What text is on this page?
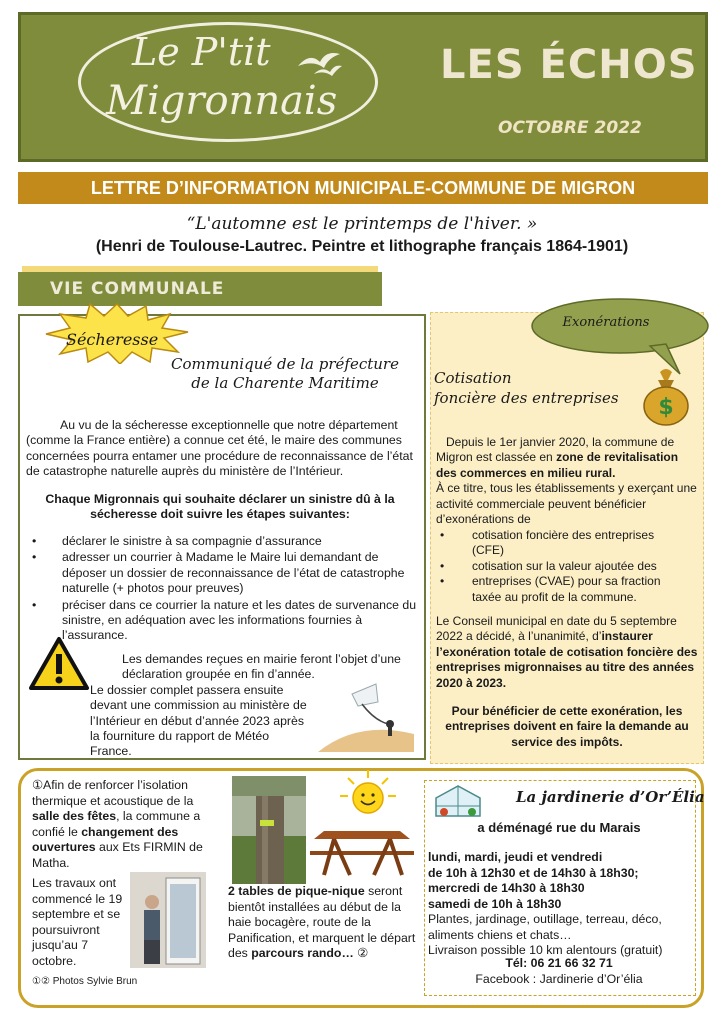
Le P'tit
Migronnais
LES ÉCHOS
OCTOBRE 2022
LETTRE D’INFORMATION MUNICIPALE-COMMUNE DE MIGRON
“L'automne est le printemps de l'hiver. »
(Henri de Toulouse-Lautrec. Peintre et lithographe français 1864-1901)
VIE COMMUNALE
Sécheresse
Communiqué de la préfecture
de la Charente Maritime
Au vu de la sécheresse exceptionnelle que notre département (comme la France entière) a connue cet été, le maire des communes concernées pourra entamer une procédure de reconnaissance de l’état de catastrophe naturelle auprès du ministère de l’Intérieur.
Chaque Migronnais qui souhaite déclarer un sinistre dû à la sécheresse doit suivre les étapes suivantes:
• déclarer le sinistre à sa compagnie d’assurance
• adresser un courrier à Madame le Maire lui demandant de déposer un dossier de reconnaissance de l’état de catastrophe naturelle (+ photos pour preuves)
• préciser dans ce courrier la nature et les dates de survenance du sinistre, en adéquation avec les informations fournies à l’assurance.
Les demandes reçues en mairie feront l’objet d’une déclaration groupée en fin d’année.
Le dossier complet passera ensuite devant une commission au ministère de l’Intérieur en début d’année 2023 après la fourniture du rapport de Météo France.
Exonérations
Cotisation
foncière des entreprises	$
Depuis le 1er janvier 2020, la commune de Migron est classée en zone de revitalisation des commerces en milieu rural.
À ce titre, tous les établissements y exerçant une activité commerciale peuvent bénéficier d’exonérations de
• cotisation foncière des entreprises
(CFE)
• cotisation sur la valeur ajoutée des
• entreprises (CVAE) pour sa fraction
taxée au profit de la commune.
Le Conseil municipal en date du 5 septembre 2022 a décidé, à l’unanimité, d’instaurer l’exonération totale de cotisation foncière des entreprises migronnaises au titre des années 2020 à 2023.
Pour bénéficier de cette exonération, les entreprises doivent en faire la demande au service des impôts.
①Afin de renforcer l’isolation thermique et acoustique de la salle des fêtes, la commune a confié le changement des ouvertures aux Ets FIRMIN de Matha.
Les travaux ont commencé le 19 septembre et se poursuivront jusqu’au 7 octobre.
①② Photos Sylvie Brun
2 tables de pique-nique seront bientôt installées au début de la haie bocagère, route de la Panification, et marquent le départ des parcours rando… ②
La jardinerie d’Or’Élia
a déménagé rue du Marais
lundi, mardi, jeudi et vendredi
de 10h à 12h30 et de 14h30 à 18h30;
mercredi de 14h30 à 18h30
samedi de 10h à 18h30
Plantes, jardinage, outillage, terreau, déco, aliments chiens et chats…
Livraison possible 10 km alentours (gratuit)
Tél: 06 21 66 32 71
Facebook : Jardinerie d’Or’élia
